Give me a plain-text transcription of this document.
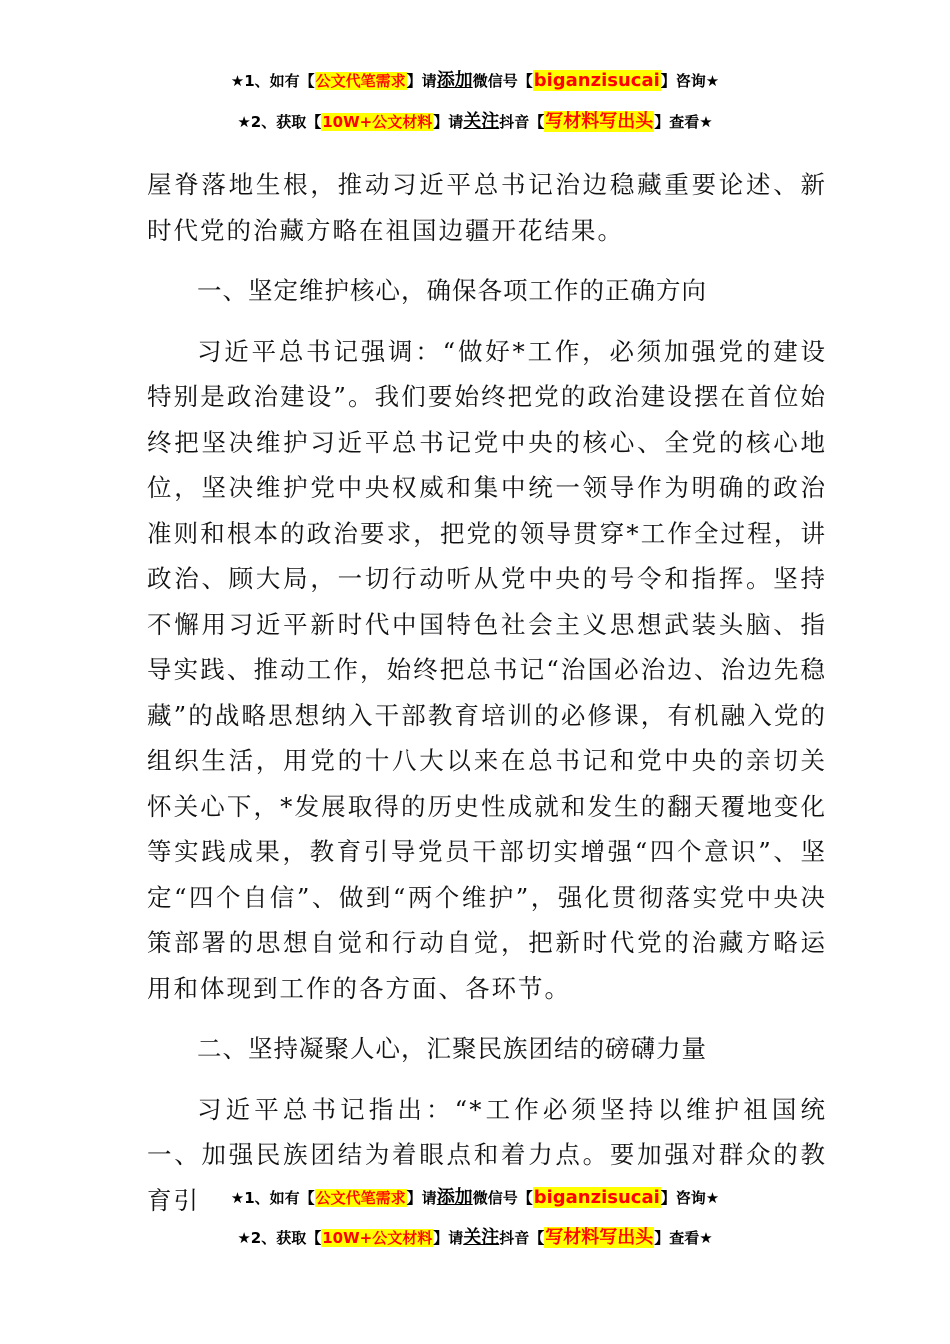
★1、如有【公文代笔需求】请添加微信号【biganzisucai】咨询★
★2、获取【10W+公文材料】请关注抖音【写材料写出头】查看★

屋脊落地生根，推动习近平总书记治边稳藏重要论述、新时代党的治藏方略在祖国边疆开花结果。

一、坚定维护核心，确保各项工作的正确方向

习近平总书记强调：“做好*工作，必须加强党的建设特别是政治建设”。我们要始终把党的政治建设摆在首位始终把坚决维护习近平总书记党中央的核心、全党的核心地位，坚决维护党中央权威和集中统一领导作为明确的政治准则和根本的政治要求，把党的领导贯穿*工作全过程，讲政治、顾大局，一切行动听从党中央的号令和指挥。坚持不懈用习近平新时代中国特色社会主义思想武装头脑、指导实践、推动工作，始终把总书记“治国必治边、治边先稳藏”的战略思想纳入干部教育培训的必修课，有机融入党的组织生活，用党的十八大以来在总书记和党中央的亲切关怀关心下，*发展取得的历史性成就和发生的翻天覆地变化等实践成果，教育引导党员干部切实增强“四个意识”、坚定“四个自信”、做到“两个维护”，强化贯彻落实党中央决策部署的思想自觉和行动自觉，把新时代党的治藏方略运用和体现到工作的各方面、各环节。

二、坚持凝聚人心，汇聚民族团结的磅礴力量

习近平总书记指出：“*工作必须坚持以维护祖国统一、加强民族团结为着眼点和着力点。要加强对群众的教育引	★1、如有【公文代笔需求】请添加微信号【biganzisucai】咨询★
★2、获取【10W+公文材料】请关注抖音【写材料写出头】查看★
